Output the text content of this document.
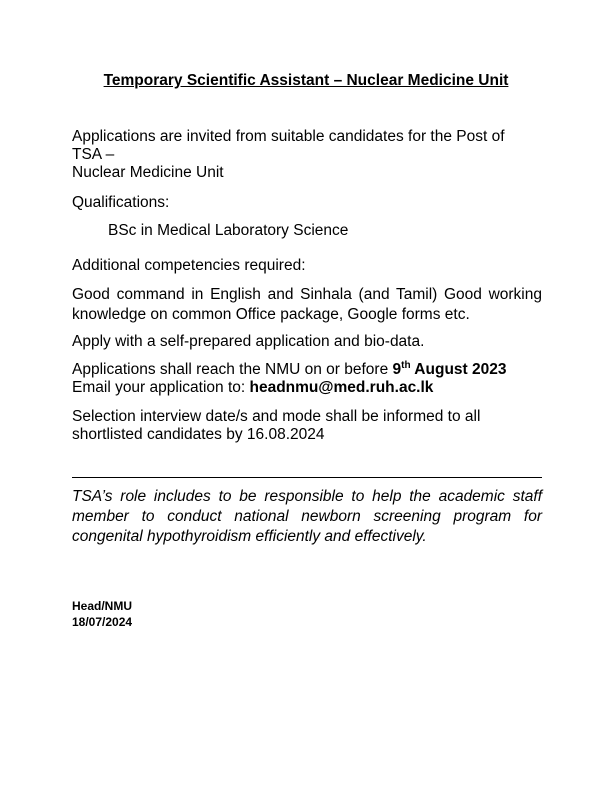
Temporary Scientific Assistant – Nuclear Medicine Unit

Applications are invited from suitable candidates for the Post of

TSA –

Nuclear Medicine Unit

Qualifications:

BSc in Medical Laboratory Science

Additional competencies required:

Good command in English and Sinhala (and Tamil) Good working knowledge on common Office package, Google forms etc.

Apply with a self-prepared application and bio-data.

Applications shall reach the NMU on or before 9th August 2023

Email your application to: headnmu@med.ruh.ac.lk

Selection interview date/s and mode shall be informed to all

shortlisted candidates by 16.08.2024

TSA’s role includes to be responsible to help the academic staff member to conduct national newborn screening program for congenital hypothyroidism efficiently and effectively.

Head/NMU
18/07/2024
